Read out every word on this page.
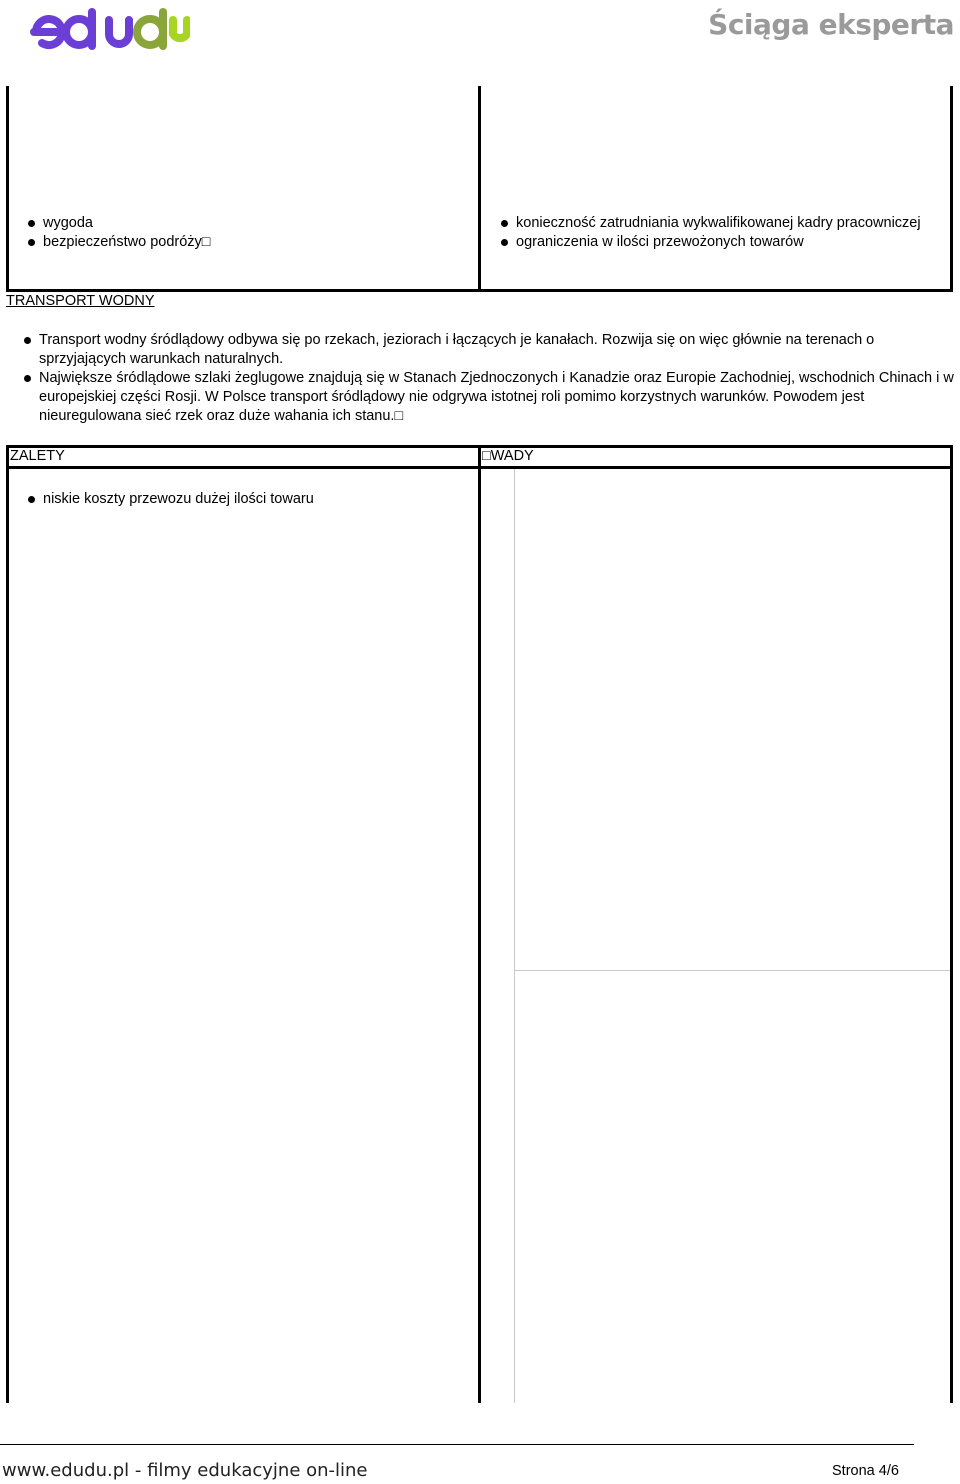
Ściąga eksperta
wygoda
bezpieczeństwo podróży□
konieczność zatrudniania wykwalifikowanej kadry pracowniczej
ograniczenia w ilości przewożonych towarów
TRANSPORT WODNY
Transport wodny śródlądowy odbywa się po rzekach, jeziorach i łączących je kanałach. Rozwija się on więc głównie na terenach o sprzyjających warunkach naturalnych.
Największe śródlądowe szlaki żeglugowe znajdują się w Stanach Zjednoczonych i Kanadzie oraz Europie Zachodniej, wschodnich Chinach i w europejskiej części Rosji. W Polsce transport śródlądowy nie odgrywa istotnej roli pomimo korzystnych warunków. Powodem jest nieuregulowana sieć rzek oraz duże wahania ich stanu.□
ZALETY	□WADY
niskie koszty przewozu dużej ilości towaru
www.edudu.pl - filmy edukacyjne on-line	Strona 4/6
